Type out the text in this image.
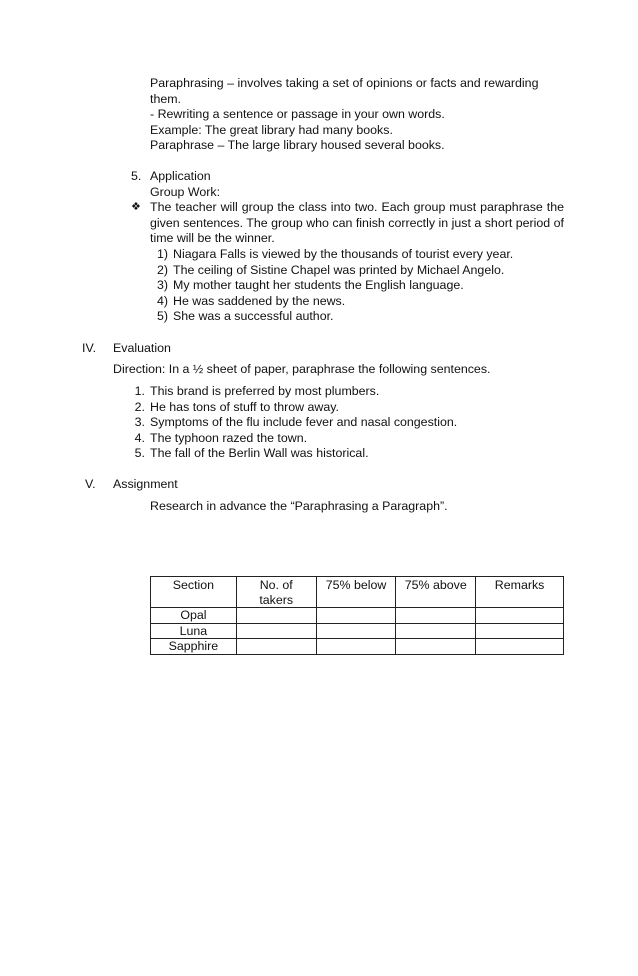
Paraphrasing – involves taking a set of opinions or facts and rewarding
them.
- Rewriting a sentence or passage in your own words.
Example: The great library had many books.
Paraphrase – The large library housed several books.
5. Application
Group Work:
❖ The teacher will group the class into two. Each group must paraphrase the given sentences. The group who can finish correctly in just a short period of time will be the winner.
1) Niagara Falls is viewed by the thousands of tourist every year.
2) The ceiling of Sistine Chapel was printed by Michael Angelo.
3) My mother taught her students the English language.
4) He was saddened by the news.
5) She was a successful author.
IV. Evaluation
Direction: In a ½ sheet of paper, paraphrase the following sentences.
1. This brand is preferred by most plumbers.
2. He has tons of stuff to throw away.
3. Symptoms of the flu include fever and nasal congestion.
4. The typhoon razed the town.
5. The fall of the Berlin Wall was historical.
V. Assignment
Research in advance the “Paraphrasing a Paragraph”.
Section	No. of takers	75% below	75% above	Remarks
Opal				
Luna				
Sapphire				
